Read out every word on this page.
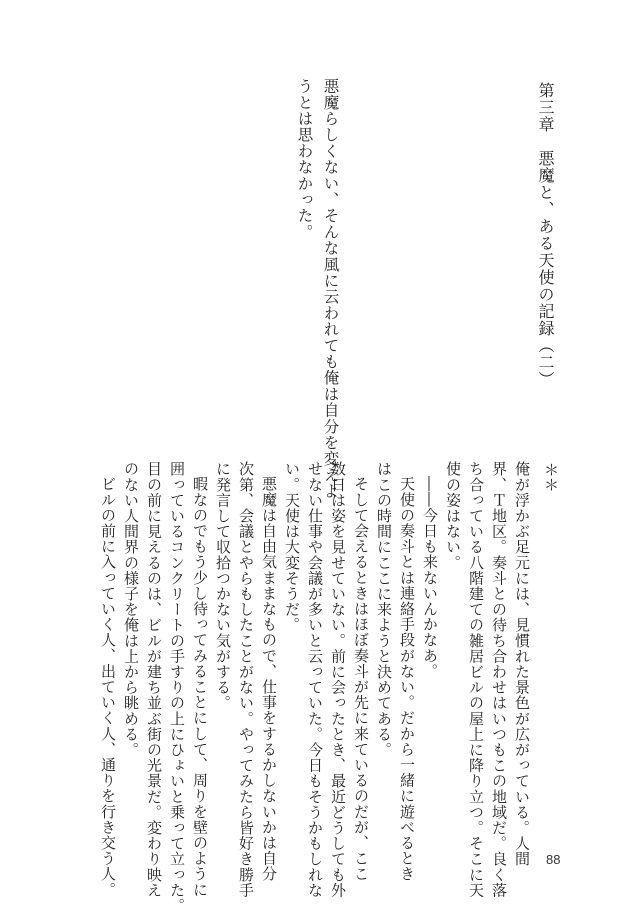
第三章　悪魔と、ある天使の記録（二）
悪魔らしくない、そんな風に云われても俺は自分を変えよ
うとは思わなかった。
＊＊
俺が浮かぶ足元には、見慣れた景色が広がっている。人間
界、Ｔ地区。奏斗との待ち合わせはいつもこの地域だ。良く落
ち合っている八階建ての雑居ビルの屋上に降り立つ。そこに天
使の姿はない。
――今日も来ないんかなあ。
天使の奏斗とは連絡手段がない。だから一緒に遊べるとき
はこの時間にここに来ようと決めてある。
そして会えるときはほぼ奏斗が先に来ているのだが、ここ
数日は姿を見せていない。前に会ったとき、最近どうしても外
せない仕事や会議が多いと云っていた。今日もそうかもしれな
い。天使は大変そうだ。
悪魔は自由気ままなもので、仕事をするかしないかは自分
次第、会議とやらもしたことがない。やってみたら皆好き勝手
に発言して収拾つかない気がする。
暇なのでもう少し待ってみることにして、周りを壁のように
囲っているコンクリートの手すりの上にひょいと乗って立った。
目の前に見えるのは、ビルが建ち並ぶ街の光景だ。変わり映え
のない人間界の様子を俺は上から眺める。
ビルの前に入っていく人、出ていく人、通りを行き交う人。	88
